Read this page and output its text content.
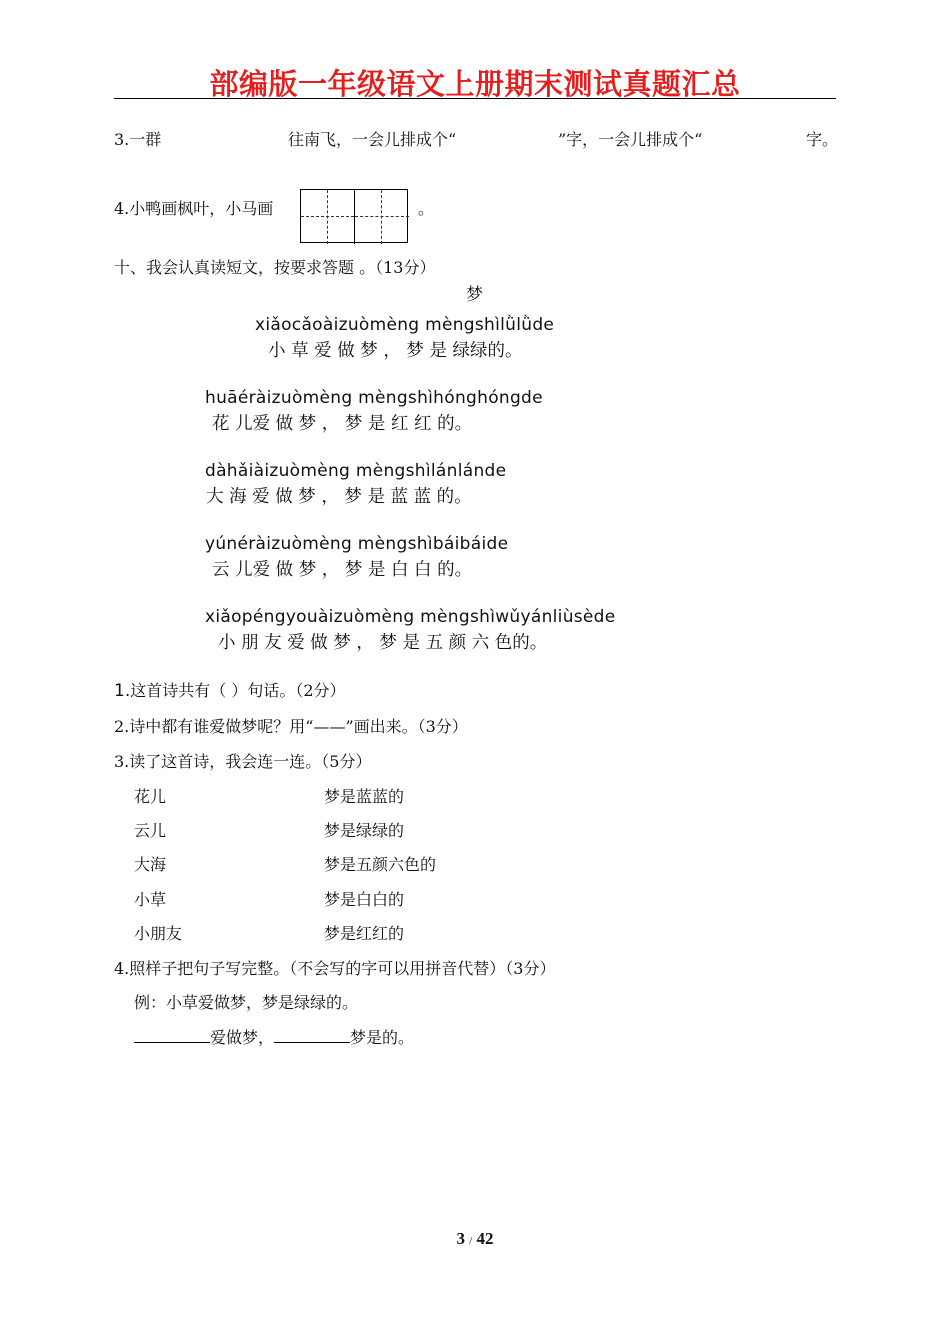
部编版一年级语文上册期末测试真题汇总
3.一群	往南飞，一会儿排成个“	”字，一会儿排成个“	字。
4.小鸭画枫叶，小马画	。
十、我会认真读短文，按要求答题 。（13分）
梦
xiǎocǎoàizuòmèng mèngshìlǜlǜde
小 草 爱 做 梦 ， 梦 是 绿绿的。
huāéràizuòmèng mèngshìhónghóngde
花 儿爱 做 梦 ， 梦 是 红 红 的。
dàhǎiàizuòmèng mèngshìlánlánde
大 海 爱 做 梦 ， 梦 是 蓝 蓝 的。
yúnéràizuòmèng mèngshìbáibáide
云 儿爱 做 梦 ， 梦 是 白 白 的。
xiǎopéngyouàizuòmèng mèngshìwǔyánliùsède
小 朋 友 爱 做 梦 ， 梦 是 五 颜 六 色的。
1.这首诗共有（ ）句话。（2分）
2.诗中都有谁爱做梦呢？用“——”画出来。（3分）
3.读了这首诗，我会连一连。（5分）
花儿	梦是蓝蓝的
云儿	梦是绿绿的
大海	梦是五颜六色的
小草	梦是白白的
小朋友	梦是红红的
4.照样子把句子写完整。（不会写的字可以用拼音代替）（3分）
例：小草爱做梦，梦是绿绿的。
爱做梦，	梦是的。
3 / 42
